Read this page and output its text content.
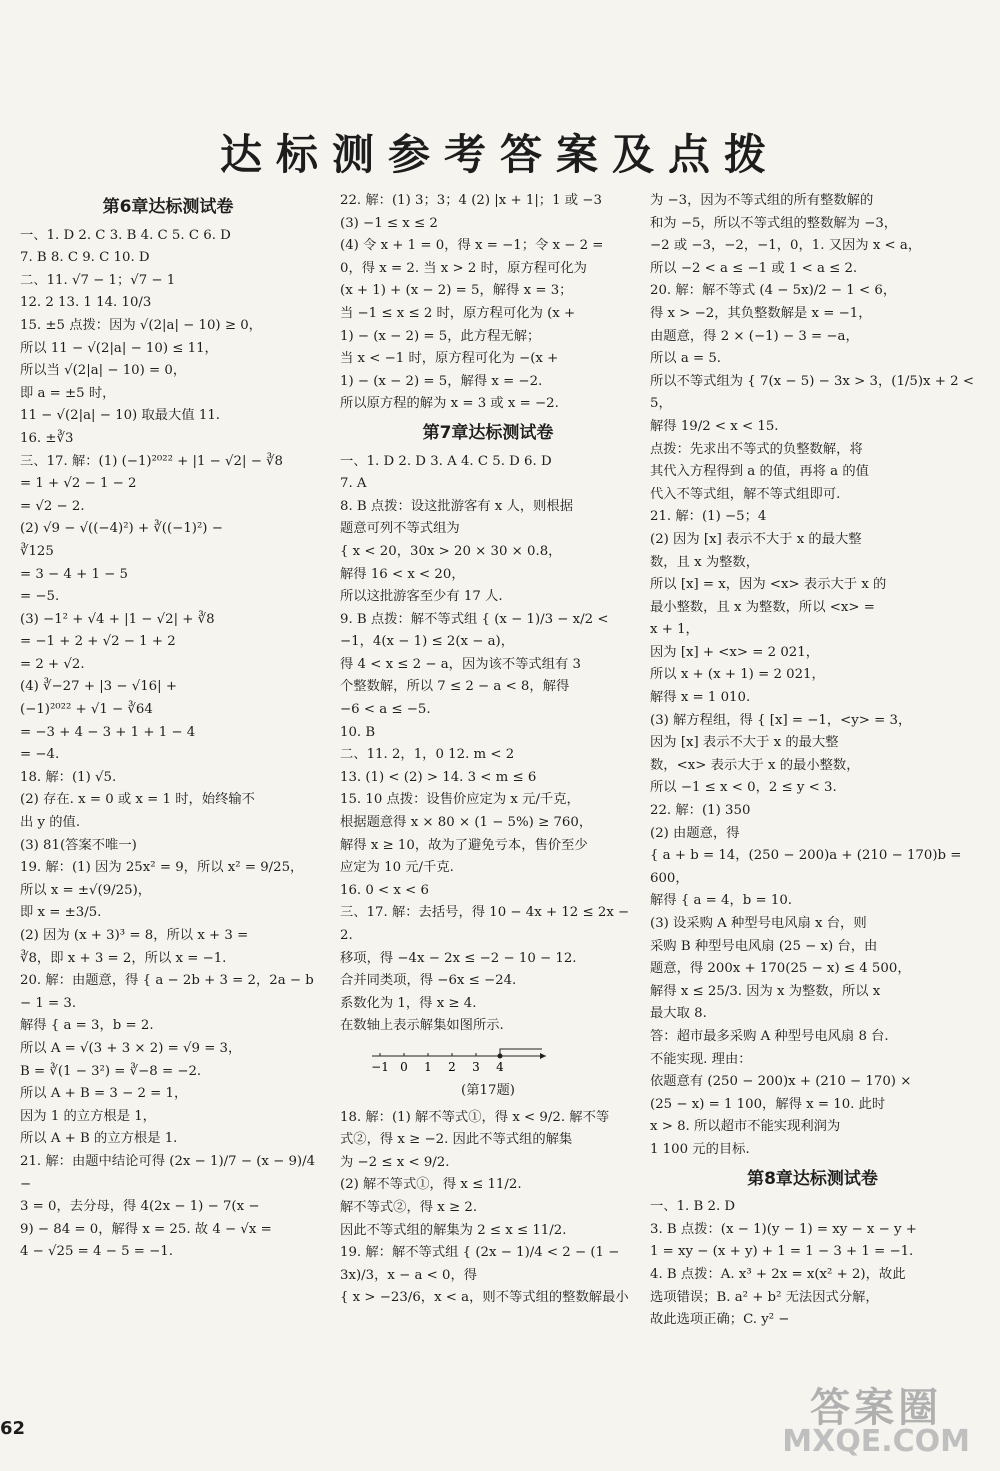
达标测参考答案及点拨
第6章达标测试卷
一、1. D 2. C 3. B 4. C 5. C 6. D
7. B 8. C 9. C 10. D
二、11. √7 − 1；√7 − 1
12. 2 13. 1 14. 10/3
15. ±5 点拨：因为 √(2|a| − 10) ≥ 0，
所以 11 − √(2|a| − 10) ≤ 11，
所以当 √(2|a| − 10) = 0，
即 a = ±5 时，
11 − √(2|a| − 10) 取最大值 11.
16. ±∛3
三、17. 解：(1) (−1)²⁰²² + |1 − √2| − ∛8
= 1 + √2 − 1 − 2
= √2 − 2.
(2) √9 − √((−4)²) + ∛((−1)²) −
∛125
= 3 − 4 + 1 − 5
= −5.
(3) −1² + √4 + |1 − √2| + ∛8
= −1 + 2 + √2 − 1 + 2
= 2 + √2.
(4) ∛−27 + |3 − √16| +
(−1)²⁰²² + √1 − ∛64
= −3 + 4 − 3 + 1 + 1 − 4
= −4.
18. 解：(1) √5.
(2) 存在. x = 0 或 x = 1 时，始终输不
出 y 的值.
(3) 81(答案不唯一)
19. 解：(1) 因为 25x² = 9，所以 x² = 9/25，
所以 x = ±√(9/25)，
即 x = ±3/5.
(2) 因为 (x + 3)³ = 8，所以 x + 3 =
∛8，即 x + 3 = 2，所以 x = −1.
20. 解：由题意，得 { a − 2b + 3 = 2，2a − b − 1 = 3.
解得 { a = 3，b = 2.
所以 A = √(3 + 3 × 2) = √9 = 3，
B = ∛(1 − 3²) = ∛−8 = −2.
所以 A + B = 3 − 2 = 1，
因为 1 的立方根是 1，
所以 A + B 的立方根是 1.
21. 解：由题中结论可得 (2x − 1)/7 − (x − 9)/4 −
3 = 0，去分母，得 4(2x − 1) − 7(x −
9) − 84 = 0，解得 x = 25. 故 4 − √x =
4 − √25 = 4 − 5 = −1.
22. 解：(1) 3；3；4 (2) |x + 1|；1 或 −3
(3) −1 ≤ x ≤ 2
(4) 令 x + 1 = 0，得 x = −1；令 x − 2 =
0，得 x = 2. 当 x > 2 时，原方程可化为
(x + 1) + (x − 2) = 5，解得 x = 3；
当 −1 ≤ x ≤ 2 时，原方程可化为 (x +
1) − (x − 2) = 5，此方程无解；
当 x < −1 时，原方程可化为 −(x +
1) − (x − 2) = 5，解得 x = −2.
所以原方程的解为 x = 3 或 x = −2.
第7章达标测试卷
一、1. D 2. D 3. A 4. C 5. D 6. D
7. A
8. B 点拨：设这批游客有 x 人，则根据
题意可列不等式组为
{ x < 20，30x > 20 × 30 × 0.8，
解得 16 < x < 20，
所以这批游客至少有 17 人.
9. B 点拨：解不等式组 { (x − 1)/3 − x/2 < −1，4(x − 1) ≤ 2(x − a)，
得 4 < x ≤ 2 − a，因为该不等式组有 3
个整数解，所以 7 ≤ 2 − a < 8，解得
−6 < a ≤ −5.
10. B
二、11. 2，1，0 12. m < 2
13. (1) < (2) > 14. 3 < m ≤ 6
15. 10 点拨：设售价应定为 x 元/千克，
根据题意得 x × 80 × (1 − 5%) ≥ 760，
解得 x ≥ 10，故为了避免亏本，售价至少
应定为 10 元/千克.
16. 0 < x < 6
三、17. 解：去括号，得 10 − 4x + 12 ≤ 2x − 2.
移项，得 −4x − 2x ≤ −2 − 10 − 12.
合并同类项，得 −6x ≤ −24.
系数化为 1，得 x ≥ 4.
在数轴上表示解集如图所示.
−1 0 1 2 3 4
(第17题)
18. 解：(1) 解不等式①，得 x < 9/2. 解不等
式②，得 x ≥ −2. 因此不等式组的解集
为 −2 ≤ x < 9/2.
(2) 解不等式①，得 x ≤ 11/2.
解不等式②，得 x ≥ 2.
因此不等式组的解集为 2 ≤ x ≤ 11/2.
19. 解：解不等式组 { (2x − 1)/4 < 2 − (1 − 3x)/3，x − a < 0，得
{ x > −23/6，x < a，则不等式组的整数解最小
为 −3，因为不等式组的所有整数解的
和为 −5，所以不等式组的整数解为 −3，
−2 或 −3，−2，−1，0，1. 又因为 x < a，
所以 −2 < a ≤ −1 或 1 < a ≤ 2.
20. 解：解不等式 (4 − 5x)/2 − 1 < 6，
得 x > −2，其负整数解是 x = −1，
由题意，得 2 × (−1) − 3 = −a，
所以 a = 5.
所以不等式组为 { 7(x − 5) − 3x > 3，(1/5)x + 2 < 5，
解得 19/2 < x < 15.
点拨：先求出不等式的负整数解，将
其代入方程得到 a 的值，再将 a 的值
代入不等式组，解不等式组即可.
21. 解：(1) −5；4
(2) 因为 [x] 表示不大于 x 的最大整
数，且 x 为整数，
所以 [x] = x，因为 <x> 表示大于 x 的
最小整数，且 x 为整数，所以 <x> =
x + 1，
因为 [x] + <x> = 2 021，
所以 x + (x + 1) = 2 021，
解得 x = 1 010.
(3) 解方程组，得 { [x] = −1，<y> = 3，
因为 [x] 表示不大于 x 的最大整
数，<x> 表示大于 x 的最小整数，
所以 −1 ≤ x < 0，2 ≤ y < 3.
22. 解：(1) 350
(2) 由题意，得
{ a + b = 14，(250 − 200)a + (210 − 170)b = 600，
解得 { a = 4，b = 10.
(3) 设采购 A 种型号电风扇 x 台，则
采购 B 种型号电风扇 (25 − x) 台，由
题意，得 200x + 170(25 − x) ≤ 4 500，
解得 x ≤ 25/3. 因为 x 为整数，所以 x
最大取 8.
答：超市最多采购 A 种型号电风扇 8 台.
不能实现. 理由：
依题意有 (250 − 200)x + (210 − 170) ×
(25 − x) = 1 100，解得 x = 10. 此时
x > 8. 所以超市不能实现利润为
1 100 元的目标.
第8章达标测试卷
一、1. B 2. D
3. B 点拨：(x − 1)(y − 1) = xy − x − y +
1 = xy − (x + y) + 1 = 1 − 3 + 1 = −1.
4. B 点拨：A. x³ + 2x = x(x² + 2)，故此
选项错误；B. a² + b² 无法因式分解，
故此选项正确；C. y² −
62	答案圈
MXQE.COM
